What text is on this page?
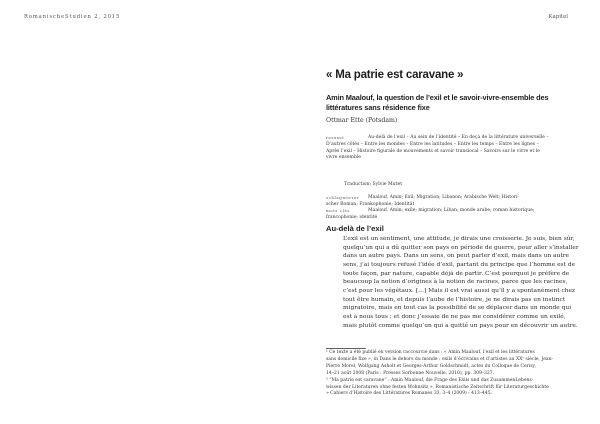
RomanischeStudien 2, 2015	Kapitel
« Ma patrie est caravane »
Amin Maalouf, la question de l’exil et le savoir-vivre-ensemble des
littératures sans résidence fixe
Ottmar Ette (Potsdam)
resumé	Au-delà de l’exil – Au sein de l’identité – En deçà de la littérature universelle –
D’autres côtés – Entre les mondes – Entre les latitudes – Entre les temps – Entre les lignes –
Après l’exil – Histoire figurale de mouvements et savoir translocal – Savoirs sur le vivre et le
vivre ensemble
Traduction: Sylvie Mutet
schlagwörter Maalouf, Amin; Exil; Migration; Libanon; Arabische Welt; Histori-
scher Roman; Frankophonie; Identität
mots clés	Maalouf, Amin; exile; migration; Liban; monde arabe; roman historique;
francophonie; identité
Au-delà de l’exil
L’exil est un sentiment, une attitude, je dirais une croisserie. Je suis, bien sûr,
quelqu’un qui a dû quitter son pays en période de guerre, pour aller s’installer
dans un autre pays. Dans un sens, on peut parler d’exil, mais dans un autre
sens, j’ai toujours refusé l’idée d’exil, partant du principe que l’homme est de
toute façon, par nature, capable déjà de partir. C’est pourquoi je préfère de
beaucoup la notion d’origines à la notion de racines, parce que les racines,
c’est pour les végétaux. […] Mais il est vrai aussi qu’il y a spontanément chez
tout être humain, et depuis l’aube de l’histoire, je ne dirais pas un instinct
migratoire, mais en tout cas la possibilité de se déplacer dans un monde qui
est à nous tous ; et donc j’essaie de ne pas me considérer comme un exilé,
mais plutôt comme quelqu’un qui a quitté un pays pour en découvrir un autre.
¹ Ce texte a été publié en version raccourcie dans : « Amin Maalouf, l’exil et les littératures
sans domicile fixe », in Dans le dehors du monde : exils d’écrivains et d’artistes au XXᵉ siècle, Jean-
Pierre Morel, Wolfgang Asholt et Georges-Arthur Goldschmidt, actes du Colloque de Cerisy,
14–21 août 2008 (Paris : Presses Sorbonne Nouvelle, 2010), pp. 309–327.
² “Ma patrie est caravane” : Amin Maalouf, die Frage des Exils und das ZusammenLebens-
wissen der Literaturen ohne festen Wohnsitz », Romanistische Zeitschrift für Literaturgeschichte
» Cahiers d’Histoire des Littératures Romanes 33, 3–4 (2009) : 413–445.
